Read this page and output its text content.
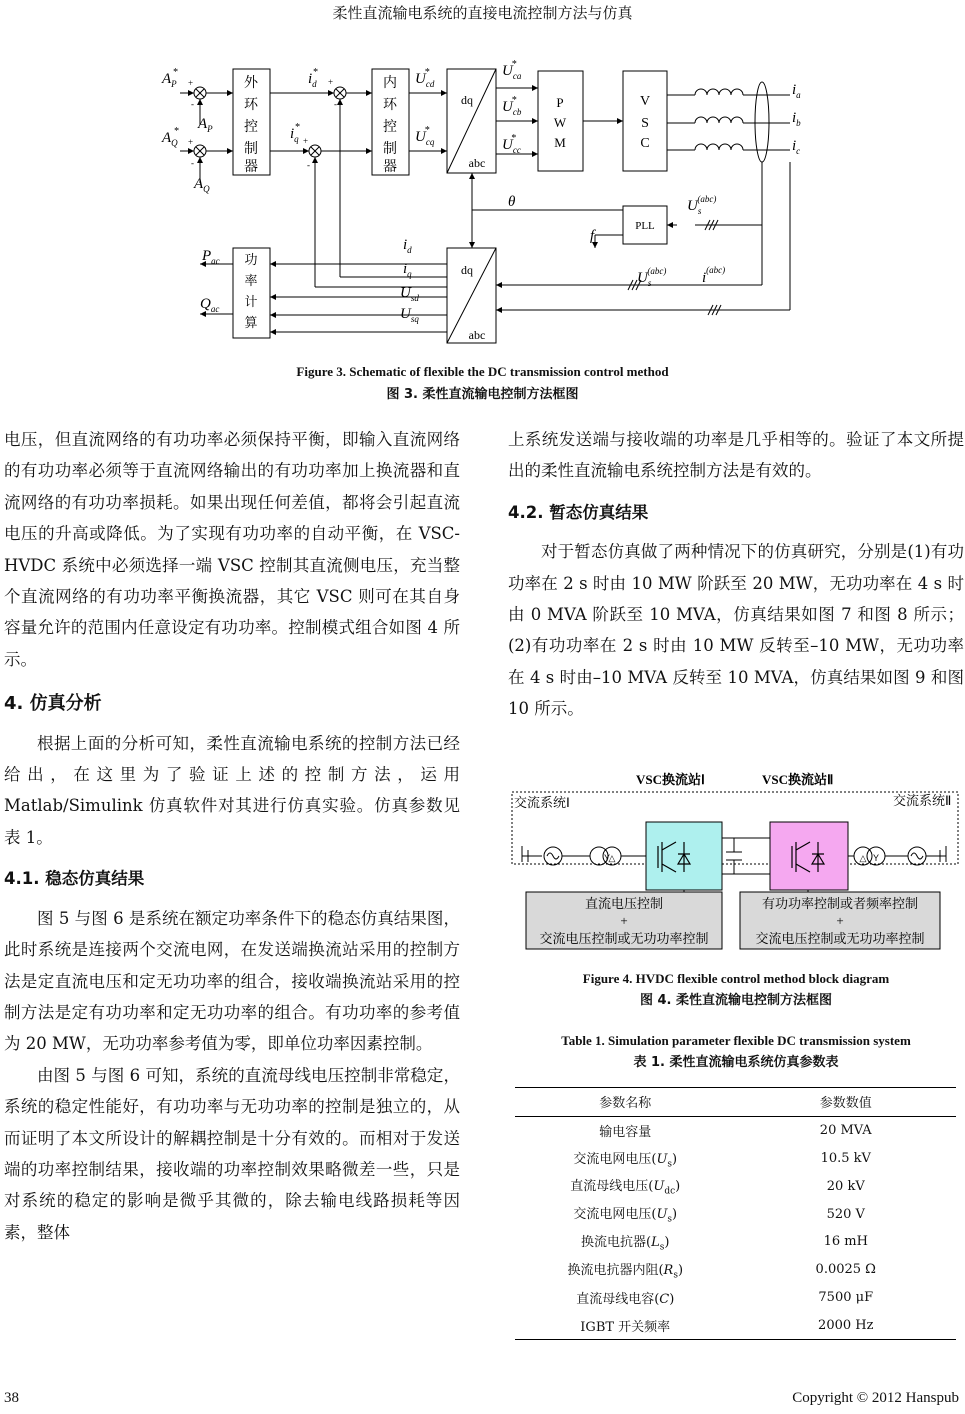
柔性直流输电系统的直接电流控制方法与仿真
外
环
控
制
器
内
环
控
制
器
P
W
M
V
S
C
PLL
功
率
计
算
dq
abc
dq
abc
$A_P*$
$A_Q*$ $A_P$
$A_Q$
$i_d*$
$i_q*$
$U_{cd}*$
$U_{cq}*$
$U_{ca}*$
$U_{cb}*$
$U_{cc}*$
$i_a$
$i_b$
$i_c$
θ
f
$U_s(abc)$
$U_s(abc)$ $i^{(abc)}$
$i_d$
$i_q$
$U_{sd}$
$U_{sq}$
$P_{ac}$
$Q_{ac}$
+
-
+
-
+
-
+
-
Figure 3. Schematic of flexible the DC transmission control method
图 3. 柔性直流输电控制方法框图

电压，但直流网络的有功功率必须保持平衡，即输入直流网络的有功功率必须等于直流网络输出的有功功率加上换流器和直流网络的有功功率损耗。如果出现任何差值，都将会引起直流电压的升高或降低。为了实现有功功率的自动平衡，在 VSC-HVDC 系统中必须选择一端 VSC 控制其直流侧电压，充当整个直流网络的有功功率平衡换流器，其它 VSC 则可在其自身容量允许的范围内任意设定有功功率。控制模式组合如图 4 所示。

4. 仿真分析

根据上面的分析可知，柔性直流输电系统的控制方法已经给出，在这里为了验证上述的控制方法，运用 Matlab/Simulink 仿真软件对其进行仿真实验。仿真参数见表 1。

4.1. 稳态仿真结果

图 5 与图 6 是系统在额定功率条件下的稳态仿真结果图，此时系统是连接两个交流电网，在发送端换流站采用的控制方法是定直流电压和定无功功率的组合，接收端换流站采用的控制方法是定有功功率和定无功功率的组合。有功功率的参考值为 20 MW，无功功率参考值为零，即单位功率因素控制。

由图 5 与图 6 可知，系统的直流母线电压控制非常稳定，系统的稳定性能好，有功功率与无功功率的控制是独立的，从而证明了本文所设计的解耦控制是十分有效的。而相对于发送端的功率控制结果，接收端的功率控制效果略微差一些，只是对系统的稳定的影响是微乎其微的，除去输电线路损耗等因素，整体

上系统发送端与接收端的功率是几乎相等的。验证了本文所提出的柔性直流输电系统控制方法是有效的。

4.2. 暂态仿真结果

对于暂态仿真做了两种情况下的仿真研究，分别是(1)有功功率在 2 s 时由 10 MW 阶跃至 20 MW，无功功率在 4 s 时由 0 MVA 阶跃至 10 MVA，仿真结果如图 7 和图 8 所示；(2)有功功率在 2 s 时由 10 MW 反转至–10 MW，无功功率在 4 s 时由–10 MVA 反转至 10 MVA，仿真结果如图 9 和图 10 所示。

Y
△	△ Y
VSC换流站Ⅰ	VSC换流站Ⅱ
交流系统Ⅰ	交流系统Ⅱ
直流电压控制
+
交流电压控制或无功功率控制
有功功率控制或者频率控制
+
交流电压控制或无功功率控制
Figure 4. HVDC flexible control method block diagram
图 4. 柔性直流输电控制方法框图
Table 1. Simulation parameter flexible DC transmission system
表 1. 柔性直流输电系统仿真参数表
参数名称	参数数值
输电容量	20 MVA
交流电网电压$(U_s)$	10.5 kV
直流母线电压$(U_{dc})$	20 kV
交流电网电压$(U_s)$	520 V
换流电抗器$(L_s)$	16 mH
换流电抗器内阻$(R_s)$	0.0025 Ω
直流母线电容(C)	7500 μF
IGBT 开关频率	2000 Hz
38	Copyright © 2012 Hanspub
